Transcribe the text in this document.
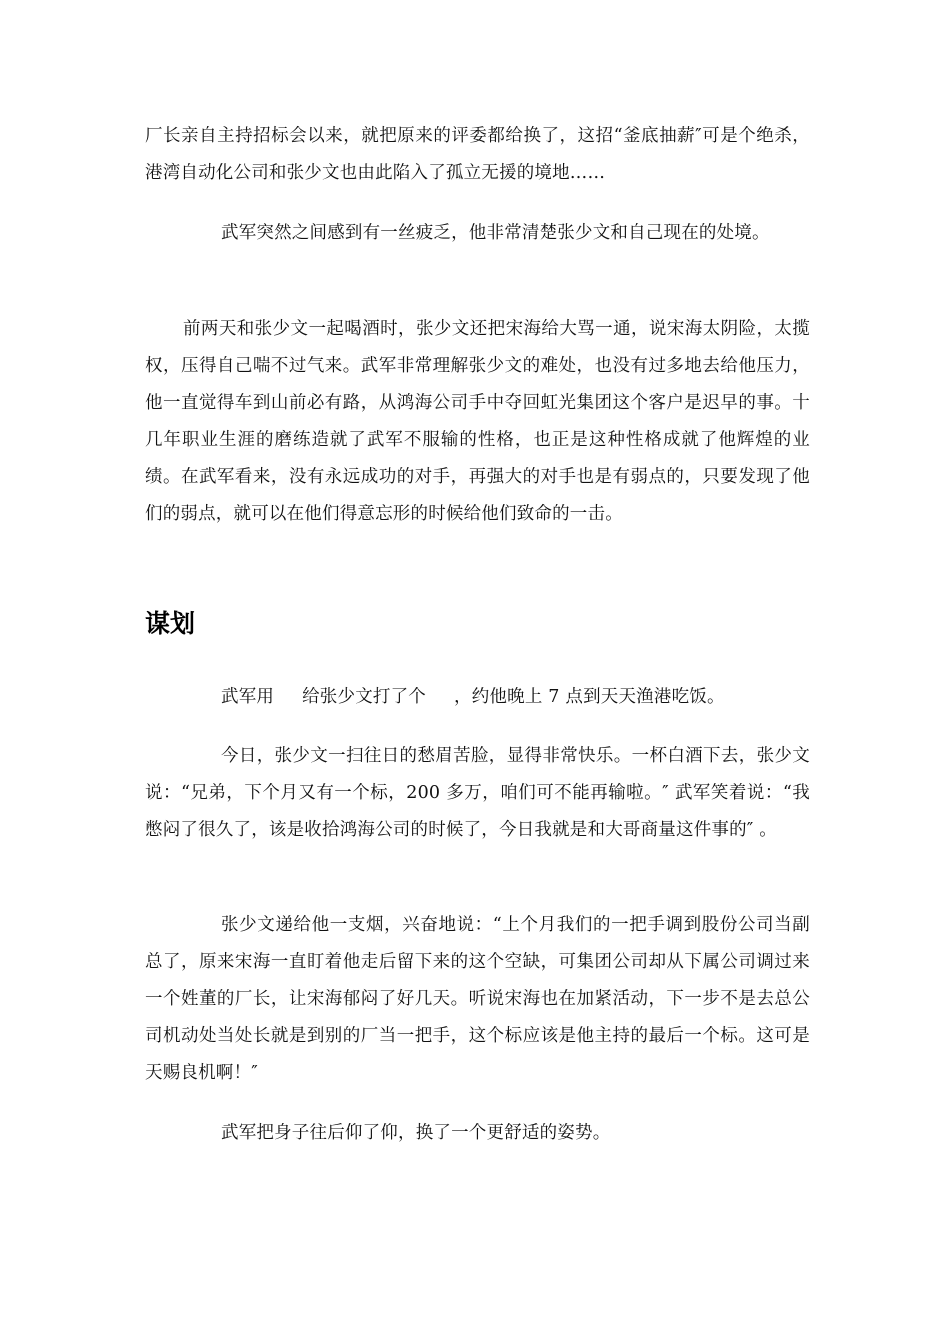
厂长亲自主持招标会以来，就把原来的评委都给换了，这招“釜底抽薪″可是个绝杀，港湾自动化公司和张少文也由此陷入了孤立无援的境地……

武军突然之间感到有一丝疲乏，他非常清楚张少文和自己现在的处境。

前两天和张少文一起喝酒时，张少文还把宋海给大骂一通，说宋海太阴险，太揽权，压得自己喘不过气来。武军非常理解张少文的难处，也没有过多地去给他压力，他一直觉得车到山前必有路，从鸿海公司手中夺回虹光集团这个客户是迟早的事。十几年职业生涯的磨练造就了武军不服输的性格，也正是这种性格成就了他辉煌的业绩。在武军看来，没有永远成功的对手，再强大的对手也是有弱点的，只要发现了他们的弱点，就可以在他们得意忘形的时候给他们致命的一击。

谋划

武军用 给张少文打了个 ，约他晚上 7 点到天天渔港吃饭。

今日，张少文一扫往日的愁眉苦脸，显得非常快乐。一杯白酒下去，张少文说：“兄弟，下个月又有一个标，200 多万，咱们可不能再输啦。″ 武军笑着说：“我憋闷了很久了，该是收拾鸿海公司的时候了，今日我就是和大哥商量这件事的″ 。

张少文递给他一支烟，兴奋地说：“上个月我们的一把手调到股份公司当副总了，原来宋海一直盯着他走后留下来的这个空缺，可集团公司却从下属公司调过来一个姓董的厂长，让宋海郁闷了好几天。听说宋海也在加紧活动，下一步不是去总公司机动处当处长就是到别的厂当一把手，这个标应该是他主持的最后一个标。这可是天赐良机啊！″

武军把身子往后仰了仰，换了一个更舒适的姿势。
